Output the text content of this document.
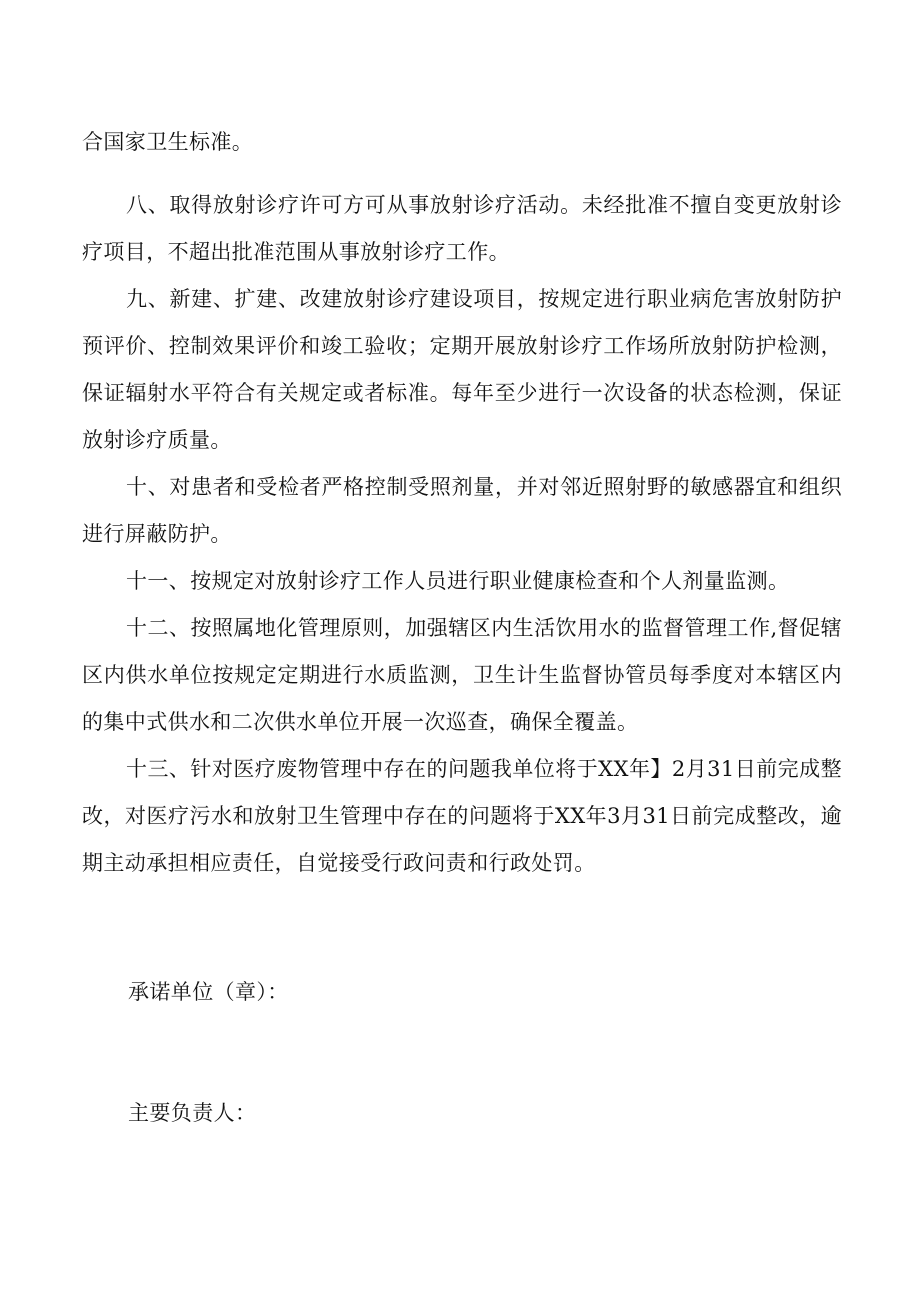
合国家卫生标准。

八、取得放射诊疗许可方可从事放射诊疗活动。未经批准不擅自变更放射诊疗项目，不超出批准范围从事放射诊疗工作。

九、新建、扩建、改建放射诊疗建设项目，按规定进行职业病危害放射防护预评价、控制效果评价和竣工验收；定期开展放射诊疗工作场所放射防护检测，保证辐射水平符合有关规定或者标准。每年至少进行一次设备的状态检测，保证放射诊疗质量。

十、对患者和受检者严格控制受照剂量，并对邻近照射野的敏感器宜和组织进行屏蔽防护。

十一、按规定对放射诊疗工作人员进行职业健康检查和个人剂量监测。

十二、按照属地化管理原则，加强辖区内生活饮用水的监督管理工作,督促辖区内供水单位按规定定期进行水质监测，卫生计生监督协管员每季度对本辖区内的集中式供水和二次供水单位开展一次巡查，确保全覆盖。

十三、针对医疗废物管理中存在的问题我单位将于XX年】2月31日前完成整改，对医疗污水和放射卫生管理中存在的问题将于XX年3月31日前完成整改，逾期主动承担相应责任，自觉接受行政问责和行政处罚。

承诺单位（章）：

主要负责人：
